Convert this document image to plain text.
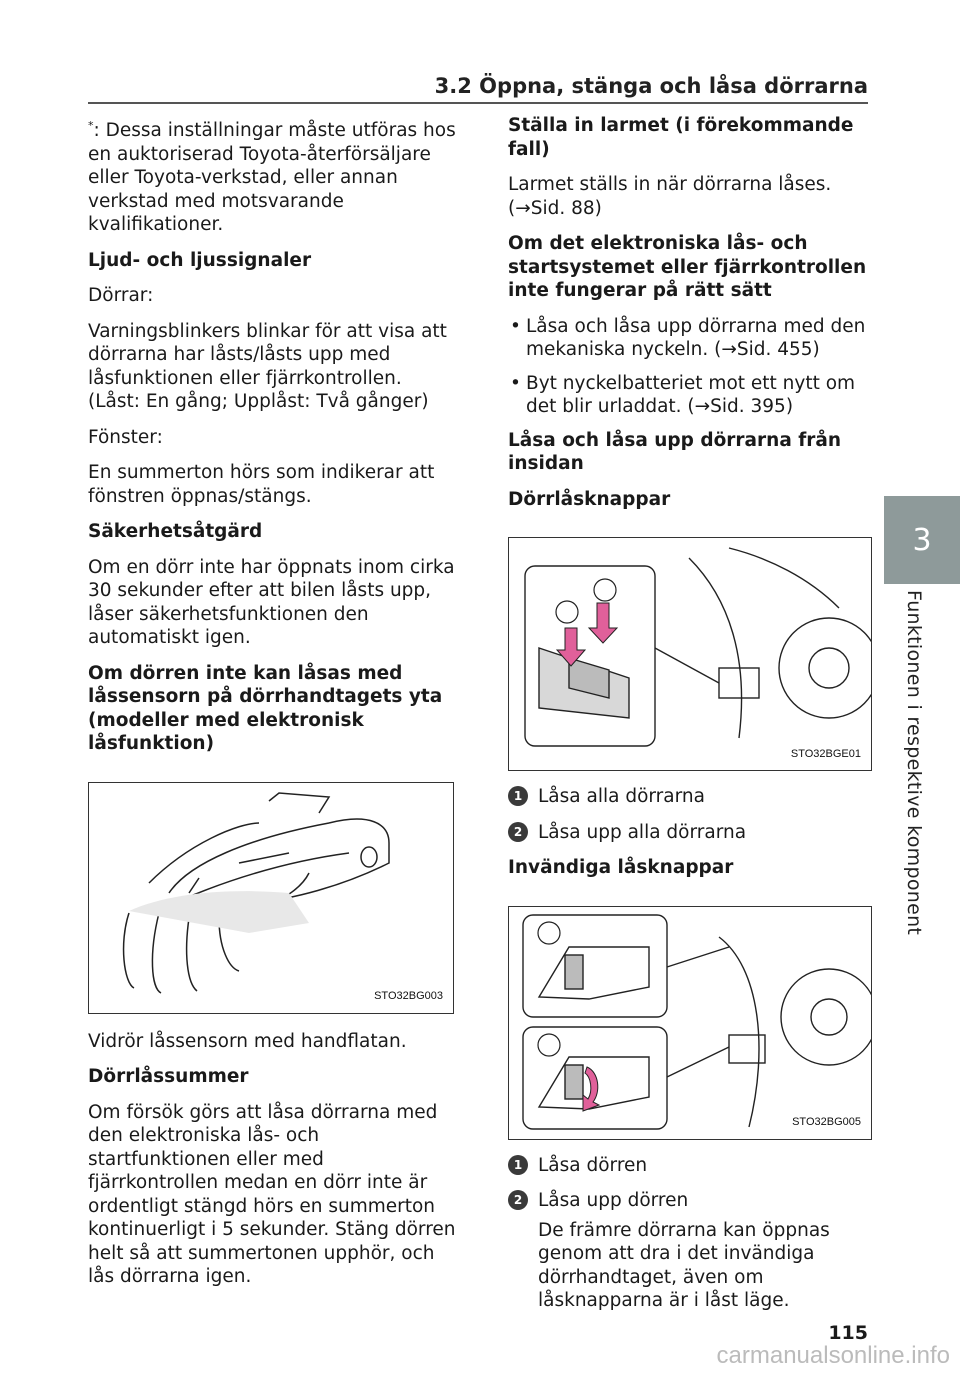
3.2 Öppna, stänga och låsa dörrarna
3
Funktionen i respektive komponent

*: Dessa inställningar måste utföras hos en auktoriserad Toyota-återförsäljare eller Toyota-verkstad, eller annan verkstad med motsvarande kvalifikationer.

Ljud- och ljussignaler

Dörrar:

Varningsblinkers blinkar för att visa att dörrarna har låsts/låsts upp med låsfunktionen eller fjärrkontrollen. (Låst: En gång; Upplåst: Två gånger)

Fönster:

En summerton hörs som indikerar att fönstren öppnas/stängs.

Säkerhetsåtgärd

Om en dörr inte har öppnats inom cirka 30 sekunder efter att bilen låsts upp, låser säkerhetsfunktionen den automatiskt igen.

Om dörren inte kan låsas med låssensorn på dörrhandtagets yta (modeller med elektronisk låsfunktion)

STO32BG003

Vidrör låssensorn med handflatan.

Dörrlåssummer

Om försök görs att låsa dörrarna med den elektroniska lås- och startfunktionen eller med fjärrkontrollen medan en dörr inte är ordentligt stängd hörs en summerton kontinuerligt i 5 sekunder. Stäng dörren helt så att summertonen upphör, och lås dörrarna igen.

Ställa in larmet (i förekommande fall)

Larmet ställs in när dörrarna låses. (→Sid. 88)

Om det elektroniska lås- och startsystemet eller fjärrkontrollen inte fungerar på rätt sätt

• Låsa och låsa upp dörrarna med den mekaniska nyckeln. (→Sid. 455)
• Byt nyckelbatteriet mot ett nytt om det blir urladdat. (→Sid. 395)

Låsa och låsa upp dörrarna från insidan

Dörrlåsknappar

STO32BGE01
1 Låsa alla dörrarna
2 Låsa upp alla dörrarna

Invändiga låsknappar

STO32BG005
1 Låsa dörren
2 Låsa upp dörren

De främre dörrarna kan öppnas genom att dra i det invändiga dörrhandtaget, även om låsknapparna är i låst läge.

115
carmanualsonline.info
